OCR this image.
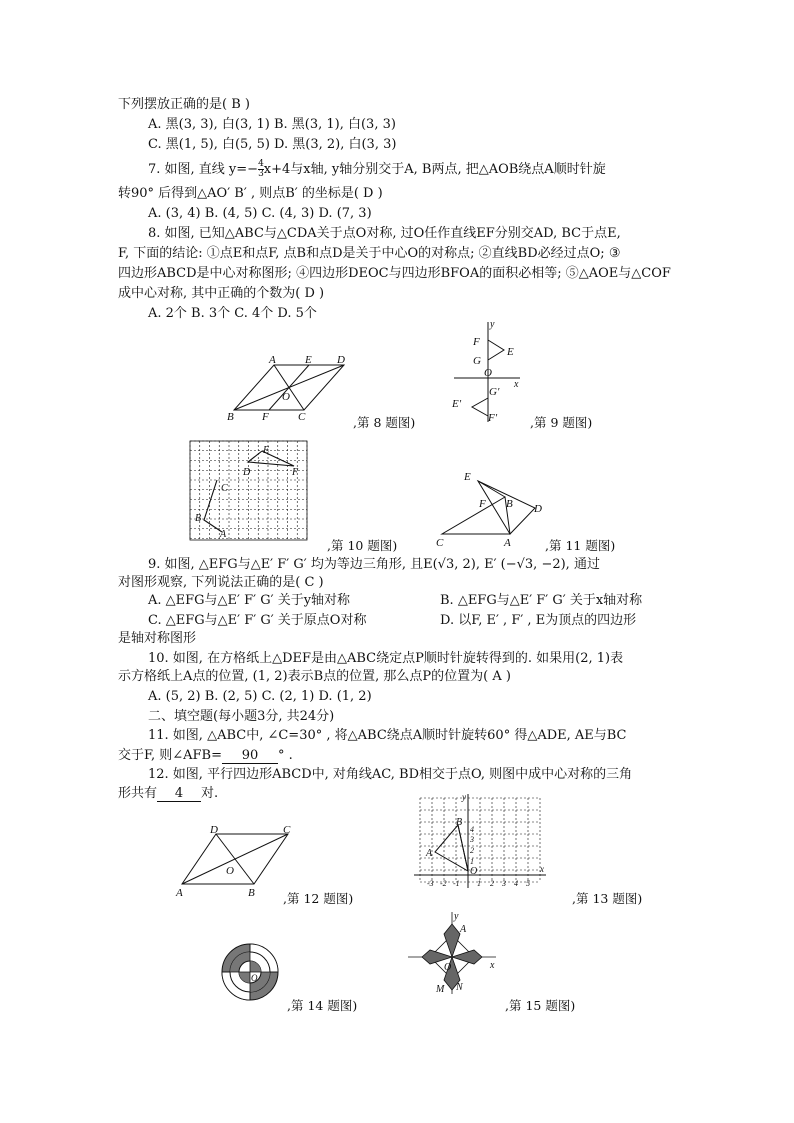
下列摆放正确的是( B )
A. 黑(3, 3), 白(3, 1) B. 黑(3, 1), 白(3, 3)
C. 黑(1, 5), 白(5, 5) D. 黑(3, 2), 白(3, 3)
7. 如图, 直线 $y=- \frac{4}{3} x+4$与x轴, y轴分别交于A, B两点, 把△AOB绕点A顺时针旋
转90° 后得到△AO′ B′ , 则点B′ 的坐标是( D )
A. (3, 4) B. (4, 5) C. (4, 3) D. (7, 3)
8. 如图, 已知△ABC与△CDA关于点O对称, 过O任作直线EF分别交AD, BC于点E,
F, 下面的结论: ①点E和点F, 点B和点D是关于中心O的对称点; ②直线BD必经过点O; ③
四边形ABCD是中心对称图形; ④四边形DEOC与四边形BFOA的面积必相等; ⑤△AOE与△COF
成中心对称, 其中正确的个数为( D )
A. 2个 B. 3个 C. 4个 D. 5个
A	E D
B	F
O
C	,第 8 题图)
y
x
F
E
G
O
G′
E′
F′	,第 9 题图)
E
D	F
C
B
A
,第 10 题图)
E
F B D
C	A	,第 11 题图)
9. 如图, △EFG与△E′ F′ G′ 均为等边三角形, 且E(√3, 2), E′ (−√3, −2), 通过
对图形观察, 下列说法正确的是( C )
A. △EFG与△E′ F′ G′ 关于y轴对称	B. △EFG与△E′ F′ G′ 关于x轴对称
C. △EFG与△E′ F′ G′ 关于原点O对称	D. 以F, E′ , F′ , E为顶点的四边形
是轴对称图形
10. 如图, 在方格纸上△DEF是由△ABC绕定点P顺时针旋转得到的. 如果用(2, 1)表
示方格纸上A点的位置, (1, 2)表示B点的位置, 那么点P的位置为( A )
A. (5, 2) B. (2, 5) C. (2, 1) D. (1, 2)
二、填空题(每小题3分, 共24分)
11. 如图, △ABC中, ∠C=30° , 将△ABC绕点A顺时针旋转60° 得△ADE, AE与BC
交于F, 则∠AFB= 90 ° .
12. 如图, 平行四边形ABCD中, 对角线AC, BD相交于点O, 则图中成中心对称的三角
形共有 4 对.
D	C
O
A	B ,第 12 题图)
y
x
B
A
O
4
3
2
1
-3 -2 -1 1 2 3 4 5
,第 13 题图)
O
,第 14 题图)
y
x
A
O
M N
,第 15 题图)
